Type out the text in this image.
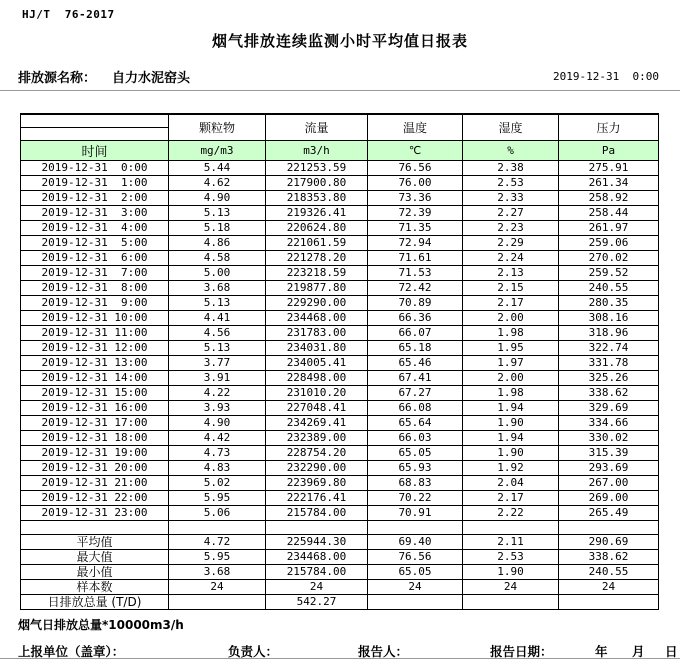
HJ/T  76-2017
烟气排放连续监测小时平均值日报表
排放源名称： 自力水泥窑头	2019-12-31  0:00
	颗粒物	流量	温度	湿度	压力

时间	mg/m3	m3/h	℃	%	Pa
2019-12-31  0:00	5.44	221253.59	76.56	2.38	275.91
2019-12-31  1:00	4.62	217900.80	76.00	2.53	261.34
2019-12-31  2:00	4.90	218353.80	73.36	2.33	258.92
2019-12-31  3:00	5.13	219326.41	72.39	2.27	258.44
2019-12-31  4:00	5.18	220624.80	71.35	2.23	261.97
2019-12-31  5:00	4.86	221061.59	72.94	2.29	259.06
2019-12-31  6:00	4.58	221278.20	71.61	2.24	270.02
2019-12-31  7:00	5.00	223218.59	71.53	2.13	259.52
2019-12-31  8:00	3.68	219877.80	72.42	2.15	240.55
2019-12-31  9:00	5.13	229290.00	70.89	2.17	280.35
2019-12-31 10:00	4.41	234468.00	66.36	2.00	308.16
2019-12-31 11:00	4.56	231783.00	66.07	1.98	318.96
2019-12-31 12:00	5.13	234031.80	65.18	1.95	322.74
2019-12-31 13:00	3.77	234005.41	65.46	1.97	331.78
2019-12-31 14:00	3.91	228498.00	67.41	2.00	325.26
2019-12-31 15:00	4.22	231010.20	67.27	1.98	338.62
2019-12-31 16:00	3.93	227048.41	66.08	1.94	329.69
2019-12-31 17:00	4.90	234269.41	65.64	1.90	334.66
2019-12-31 18:00	4.42	232389.00	66.03	1.94	330.02
2019-12-31 19:00	4.73	228754.20	65.05	1.90	315.39
2019-12-31 20:00	4.83	232290.00	65.93	1.92	293.69
2019-12-31 21:00	5.02	223969.80	68.83	2.04	267.00
2019-12-31 22:00	5.95	222176.41	70.22	2.17	269.00
2019-12-31 23:00	5.06	215784.00	70.91	2.22	265.49

平均值	4.72	225944.30	69.40	2.11	290.69
最大值	5.95	234468.00	76.56	2.53	338.62
最小值	3.68	215784.00	65.05	1.90	240.55
样本数	24	24	24	24	24
日排放总量 (T/D)		542.27			
烟气日排放总量*10000m3/h
上报单位（盖章）：	负责人：	报告人：	报告日期：	年 月 日
